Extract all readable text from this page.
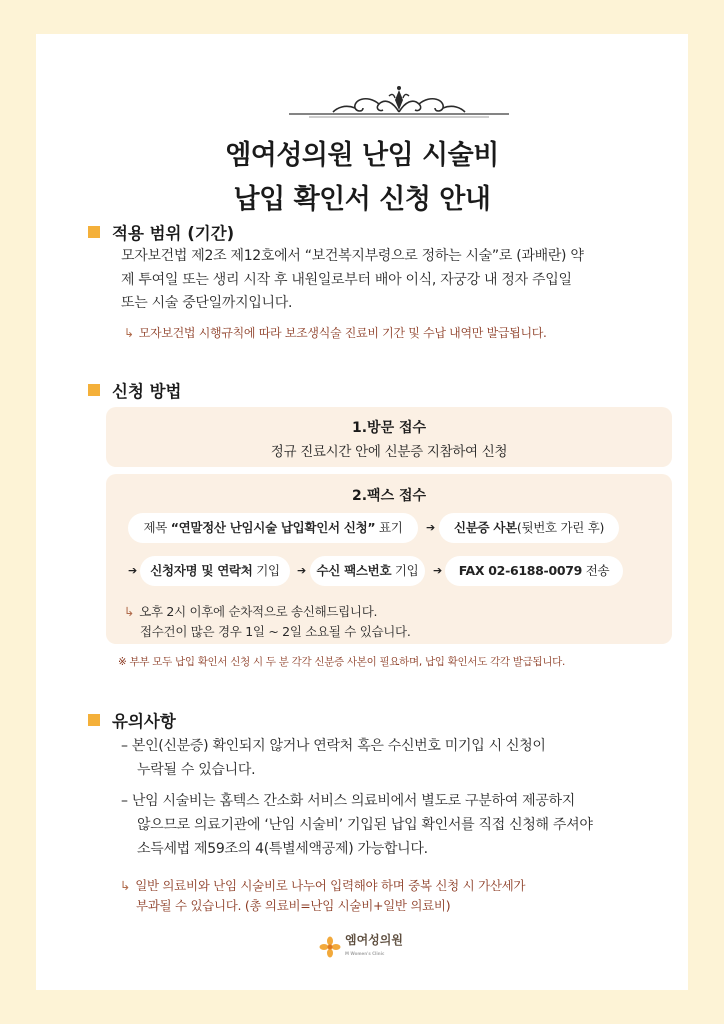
엠여성의원 난임 시술비
납입 확인서 신청 안내
적용 범위 (기간)
모자보건법 제2조 제12호에서 “보건복지부령으로 정하는 시술”로 (과배란) 약
제 투여일 또는 생리 시작 후 내원일로부터 배아 이식, 자궁강 내 정자 주입일
또는 시술 중단일까지입니다.
↳ 모자보건법 시행규칙에 따라 보조생식술 진료비 기간 및 수납 내역만 발급됩니다.
신청 방법
1.방문 접수
정규 진료시간 안에 신분증 지참하여 신청
2.팩스 접수
제목 “연말정산 난임시술 납입확인서 신청” 표기	➔	신분증 사본(뒷번호 가린 후)
➔	신청자명 및 연락처 기입	➔ 수신 팩스번호 기입	➔	FAX 02-6188-0079 전송
↳ 오후 2시 이후에 순차적으로 송신해드립니다.
접수건이 많은 경우 1일 ~ 2일 소요될 수 있습니다.
※ 부부 모두 납입 확인서 신청 시 두 분 각각 신분증 사본이 필요하며, 납입 확인서도 각각 발급됩니다.
유의사항
– 본인(신분증) 확인되지 않거나 연락처 혹은 수신번호 미기입 시 신청이
누락될 수 있습니다.
– 난임 시술비는 홈텍스 간소화 서비스 의료비에서 별도로 구분하여 제공하지
않으므로 의료기관에 ‘난임 시술비’ 기입된 납입 확인서를 직접 신청해 주셔야
소득세법 제59조의 4(특별세액공제) 가능합니다.
↳ 일반 의료비와 난임 시술비로 나누어 입력해야 하며 중복 신청 시 가산세가
부과될 수 있습니다. (총 의료비=난임 시술비+일반 의료비)
엠여성의원
M Women's Clinic
